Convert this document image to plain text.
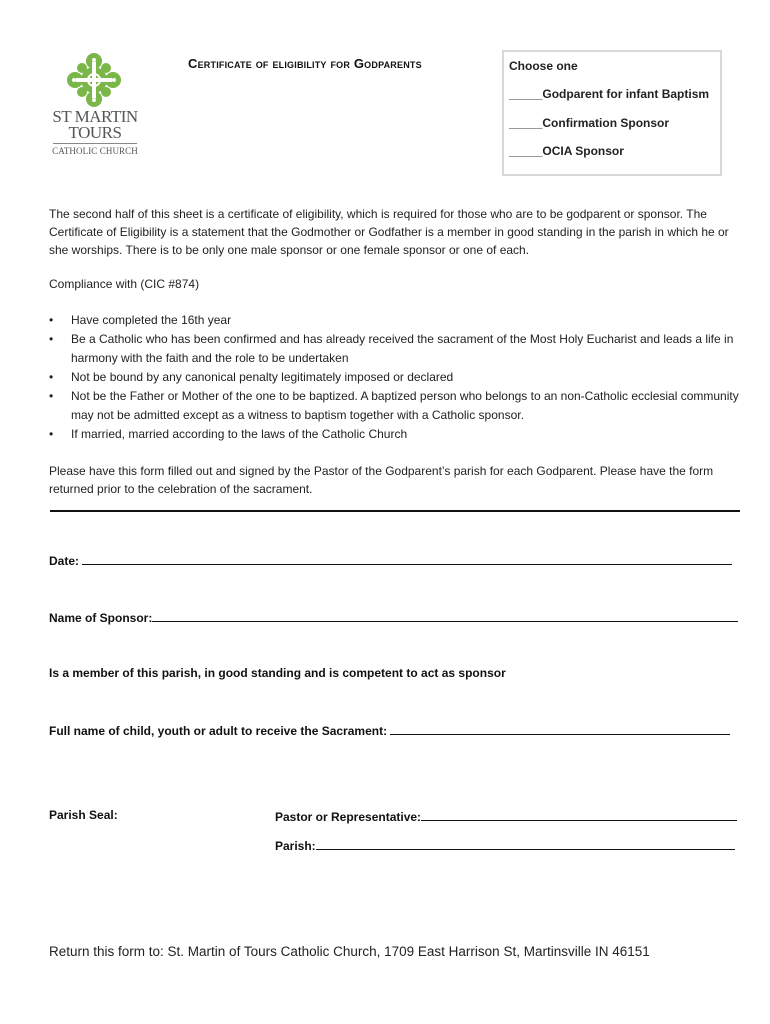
ST MARTIN
TOURS
CATHOLIC CHURCH
Certificate of eligibility for Godparents	Choose one
_____Godparent for infant Baptism
_____Confirmation Sponsor
_____OCIA Sponsor
The second half of this sheet is a certificate of eligibility, which is required for those who are to be godparent or sponsor. The Certificate of Eligibility is a statement that the Godmother or Godfather is a member in good standing in the parish in which he or she worships. There is to be only one male sponsor or one female sponsor or one of each.
Compliance with (CIC #874)
• Have completed the 16th year
• Be a Catholic who has been confirmed and has already received the sacrament of the Most Holy Eucharist and leads a life in harmony with the faith and the role to be undertaken
• Not be bound by any canonical penalty legitimately imposed or declared
• Not be the Father or Mother of the one to be baptized. A baptized person who belongs to an non-Catholic ecclesial community may not be admitted except as a witness to baptism together with a Catholic sponsor.
• If married, married according to the laws of the Catholic Church
Please have this form filled out and signed by the Pastor of the Godparent’s parish for each Godparent. Please have the form returned prior to the celebration of the sacrament.
Date:
Name of Sponsor:
Is a member of this parish, in good standing and is competent to act as sponsor
Full name of child, youth or adult to receive the Sacrament:
Parish Seal:	Pastor or Representative:
Parish:
Return this form to: St. Martin of Tours Catholic Church, 1709 East Harrison St, Martinsville IN 46151
